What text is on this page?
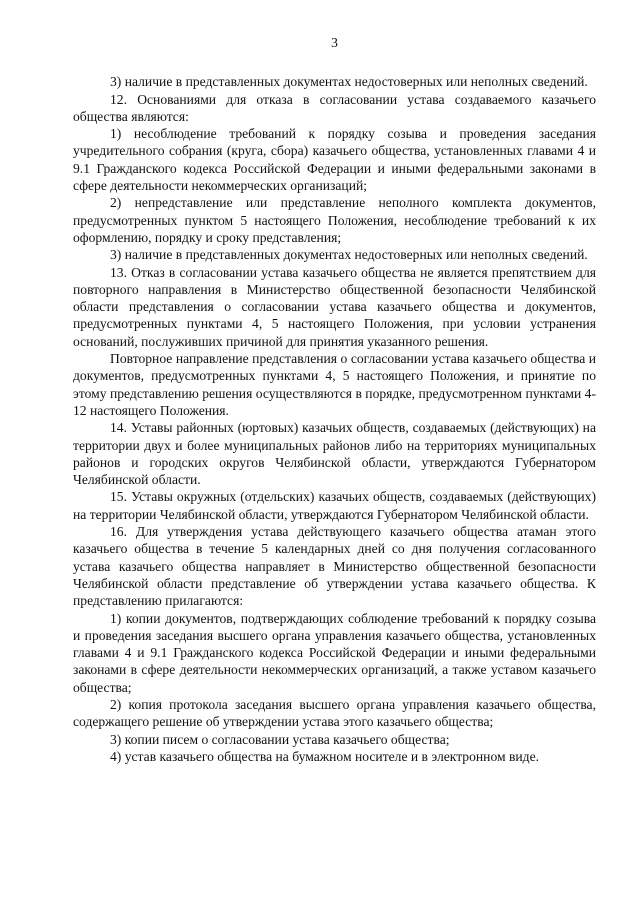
3

3) наличие в представленных документах недостоверных или неполных сведений.

12. Основаниями для отказа в согласовании устава создаваемого казачьего общества являются:

1) несоблюдение требований к порядку созыва и проведения заседания учредительного собрания (круга, сбора) казачьего общества, установленных главами 4 и 9.1 Гражданского кодекса Российской Федерации и иными федеральными законами в сфере деятельности некоммерческих организаций;

2) непредставление или представление неполного комплекта документов, предусмотренных пунктом 5 настоящего Положения, несоблюдение требований к их оформлению, порядку и сроку представления;

3) наличие в представленных документах недостоверных или неполных сведений.

13. Отказ в согласовании устава казачьего общества не является препятствием для повторного направления в Министерство общественной безопасности Челябинской области представления о согласовании устава казачьего общества и документов, предусмотренных пунктами 4, 5 настоящего Положения, при условии устранения оснований, послуживших причиной для принятия указанного решения.

Повторное направление представления о согласовании устава казачьего общества и документов, предусмотренных пунктами 4, 5 настоящего Положения, и принятие по этому представлению решения осуществляются в порядке, предусмотренном пунктами 4-12 настоящего Положения.

14. Уставы районных (юртовых) казачьих обществ, создаваемых (действующих) на территории двух и более муниципальных районов либо на территориях муниципальных районов и городских округов Челябинской области, утверждаются Губернатором Челябинской области.

15. Уставы окружных (отдельских) казачьих обществ, создаваемых (действующих) на территории Челябинской области, утверждаются Губернатором Челябинской области.

16. Для утверждения устава действующего казачьего общества атаман этого казачьего общества в течение 5 календарных дней со дня получения согласованного устава казачьего общества направляет в Министерство общественной безопасности Челябинской области представление об утверждении устава казачьего общества. К представлению прилагаются:

1) копии документов, подтверждающих соблюдение требований к порядку созыва и проведения заседания высшего органа управления казачьего общества, установленных главами 4 и 9.1 Гражданского кодекса Российской Федерации и иными федеральными законами в сфере деятельности некоммерческих организаций, а также уставом казачьего общества;

2) копия протокола заседания высшего органа управления казачьего общества, содержащего решение об утверждении устава этого казачьего общества;

3) копии писем о согласовании устава казачьего общества;

4) устав казачьего общества на бумажном носителе и в электронном виде.
